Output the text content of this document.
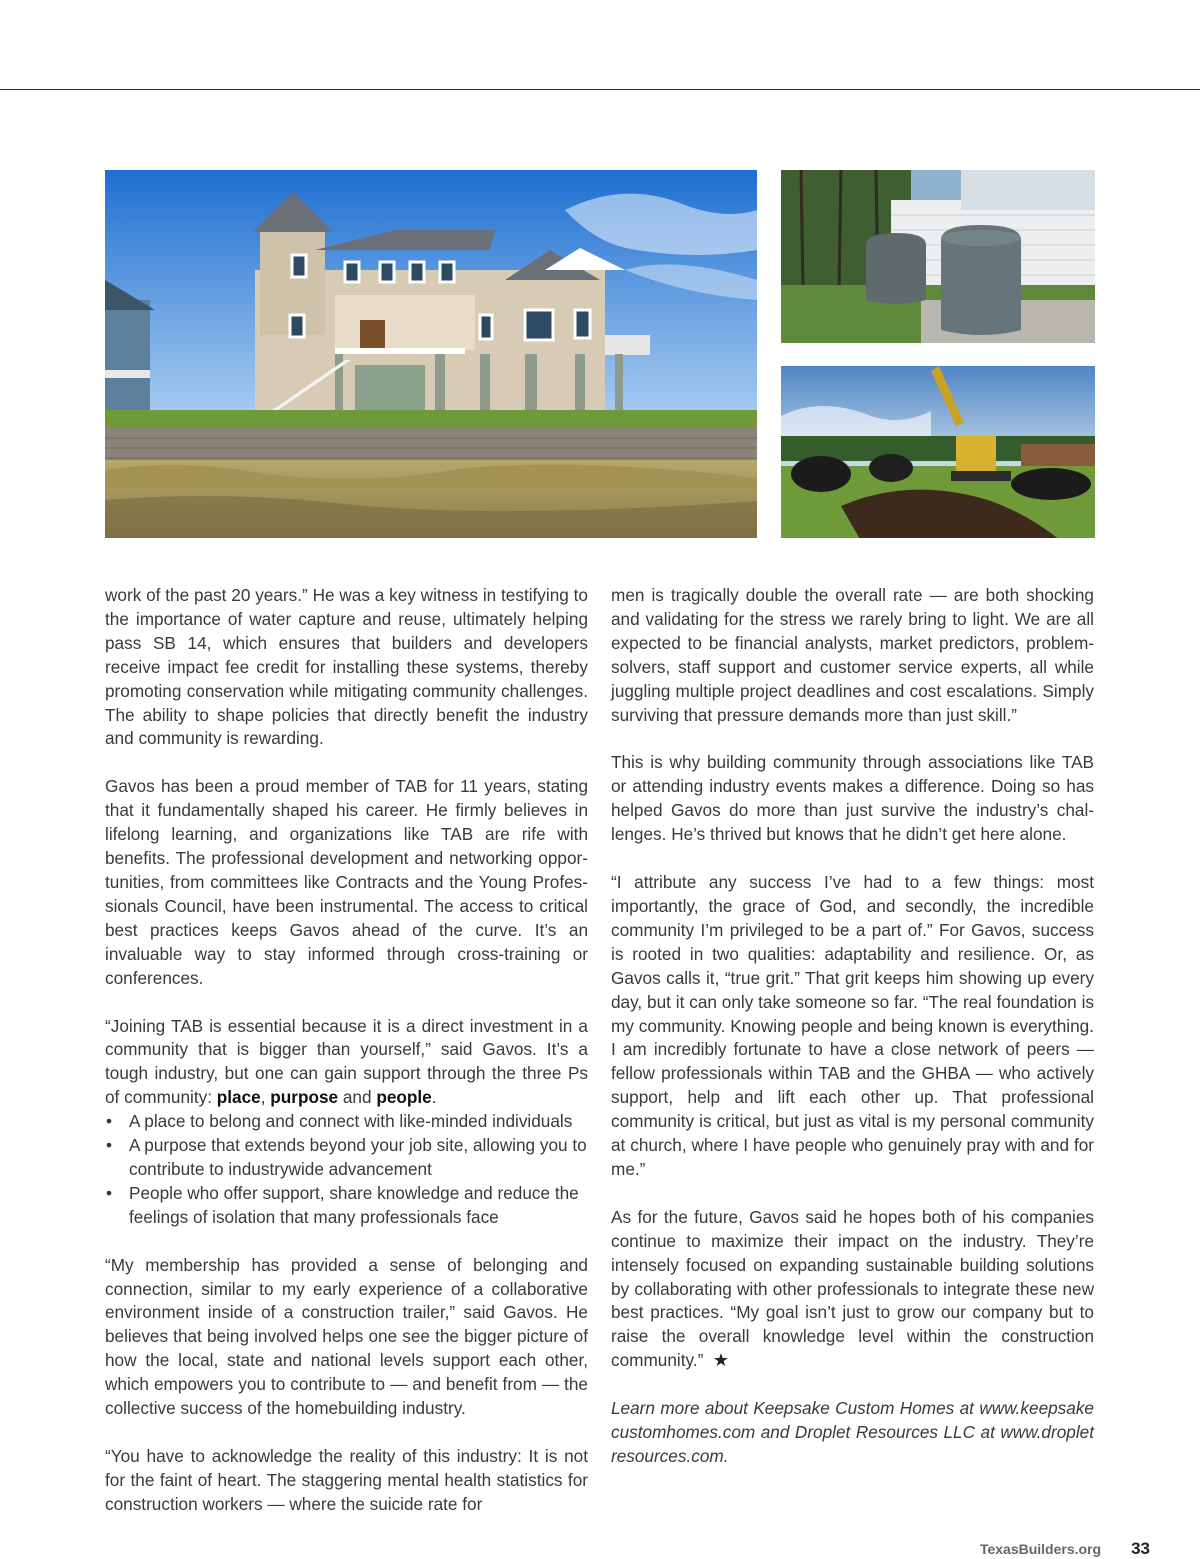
work of the past 20 years.” He was a key witness in testifying to the importance of water capture and reuse, ultimately helping pass SB 14, which ensures that builders and developers receive impact fee credit for installing these systems, thereby promoting conservation while mitigating community challenges. The ability to shape policies that directly benefit the industry and community is rewarding.

Gavos has been a proud member of TAB for 11 years, stating that it fundamentally shaped his career. He firmly believes in lifelong learning, and organizations like TAB are rife with benefits. The professional development and networking opportunities, from committees like Contracts and the Young Professionals Council, have been instrumental. The access to critical best practices keeps Gavos ahead of the curve. It’s an invaluable way to stay informed through cross-training or conferences.

“Joining TAB is essential because it is a direct investment in a community that is bigger than yourself,” said Gavos. It’s a tough industry, but one can gain support through the three Ps of community: place, purpose and people.

• A place to belong and connect with like-minded individuals
• A purpose that extends beyond your job site, allowing you to contribute to industrywide advancement
• People who offer support, share knowledge and reduce the feelings of isolation that many professionals face

“My membership has provided a sense of belonging and connection, similar to my early experience of a collaborative environment inside of a construction trailer,” said Gavos. He believes that being involved helps one see the bigger picture of how the local, state and national levels support each other, which empowers you to contribute to — and benefit from — the collective success of the homebuilding industry.

“You have to acknowledge the reality of this industry: It is not for the faint of heart. The staggering mental health statistics for construction workers — where the suicide rate for

men is tragically double the overall rate — are both shocking and validating for the stress we rarely bring to light. We are all expected to be financial analysts, market predictors, problem-solvers, staff support and customer service experts, all while juggling multiple project deadlines and cost escalations. Simply surviving that pressure demands more than just skill.”

This is why building community through associations like TAB or attending industry events makes a difference. Doing so has helped Gavos do more than just survive the industry’s challenges. He’s thrived but knows that he didn’t get here alone.

“I attribute any success I’ve had to a few things: most importantly, the grace of God, and secondly, the incredible community I’m privileged to be a part of.” For Gavos, success is rooted in two qualities: adaptability and resilience. Or, as Gavos calls it, “true grit.” That grit keeps him showing up every day, but it can only take someone so far. “The real foundation is my community. Knowing people and being known is everything. I am incredibly fortunate to have a close network of peers — fellow professionals within TAB and the GHBA — who actively support, help and lift each other up. That professional community is critical, but just as vital is my personal community at church, where I have people who genuinely pray with and for me.”

As for the future, Gavos said he hopes both of his companies continue to maximize their impact on the industry. They’re intensely focused on expanding sustainable building solutions by collaborating with other professionals to integrate these new best practices. “My goal isn’t just to grow our company but to raise the overall knowledge level within the construction community.” ★

Learn more about Keepsake Custom Homes at www.keepsake customhomes.com and Droplet Resources LLC at www.droplet resources.com.

TexasBuilders.org 33
